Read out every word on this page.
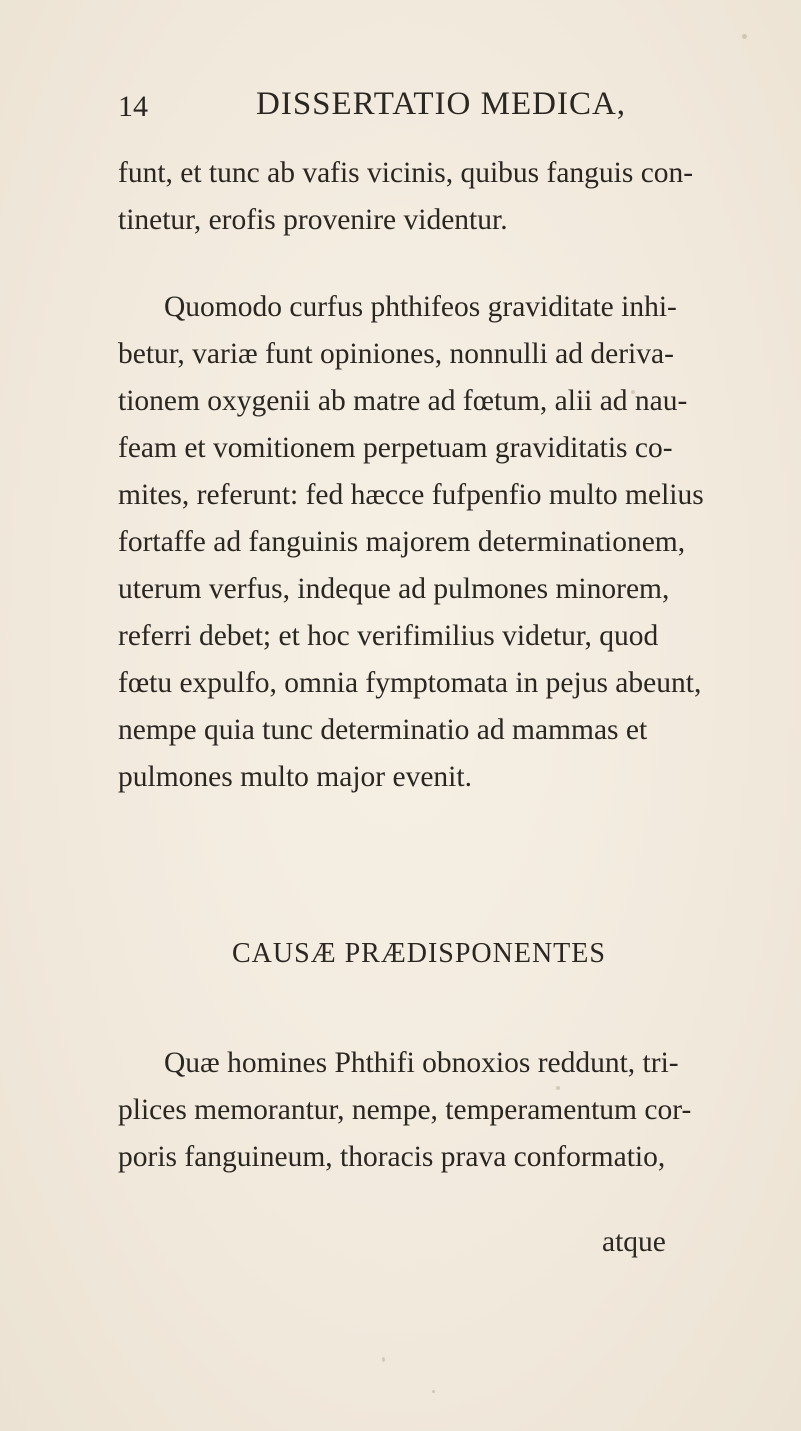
14	DISSERTATIO MEDICA,
funt, et tunc ab vafis vicinis, quibus fanguis con-
tinetur, erofis provenire videntur.
Quomodo curfus phthifeos graviditate inhi-
betur, variæ funt opiniones, nonnulli ad deriva-
tionem oxygenii ab matre ad fœtum, alii ad nau-
feam et vomitionem perpetuam graviditatis co-
mites, referunt: fed hæcce fufpenfio multo melius
fortaffe ad fanguinis majorem determinationem,
uterum verfus, indeque ad pulmones minorem,
referri debet; et hoc verifimilius videtur, quod
fœtu expulfo, omnia fymptomata in pejus abeunt,
nempe quia tunc determinatio ad mammas et
pulmones multo major evenit.
CAUSÆ PRÆDISPONENTES
Quæ homines Phthifi obnoxios reddunt, tri-
plices memorantur, nempe, temperamentum cor-
poris fanguineum, thoracis prava conformatio,
atque
